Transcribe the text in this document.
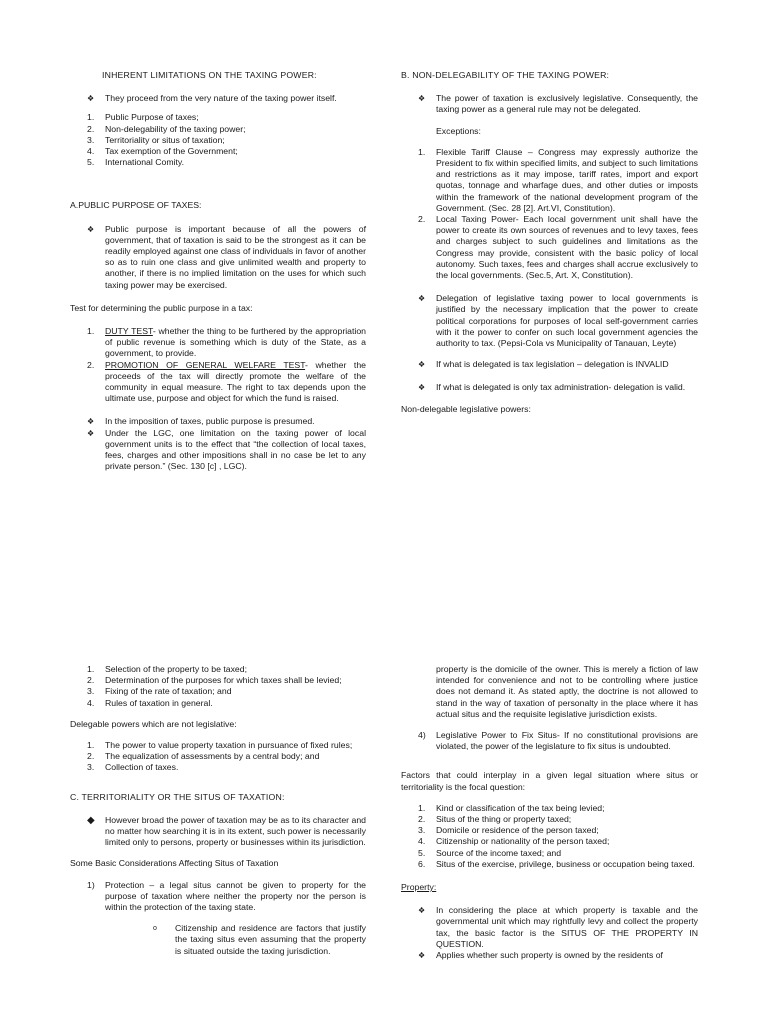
INHERENT LIMITATIONS ON THE TAXING POWER:
❖ They proceed from the very nature of the taxing power itself.
1.	Public Purpose of taxes;
2.	Non-delegability of the taxing power;
3.	Territoriality or situs of taxation;
4.	Tax exemption of the Government;
5.	International Comity.
A.PUBLIC PURPOSE OF TAXES:
❖ Public purpose is important because of all the powers of government, that of taxation is said to be the strongest as it can be readily employed against one class of individuals in favor of another so as to ruin one class and give unlimited wealth and property to another, if there is no implied limitation on the uses for which such taxing power may be exercised.
Test for determining the public purpose in a tax:
1.	DUTY TEST- whether the thing to be furthered by the appropriation of public revenue is something which is duty of the State, as a government, to provide.
2.	PROMOTION OF GENERAL WELFARE TEST- whether the proceeds of the tax will directly promote the welfare of the community in equal measure. The right to tax depends upon the ultimate use, purpose and object for which the fund is raised.
❖ In the imposition of taxes, public purpose is presumed.
❖ Under the LGC, one limitation on the taxing power of local government units is to the effect that “the collection of local taxes, fees, charges and other impositions shall in no case be let to any private person.” (Sec. 130 [c] , LGC).
B. NON-DELEGABILITY OF THE TAXING POWER:
❖ The power of taxation is exclusively legislative. Consequently, the taxing power as a general rule may not be delegated.
Exceptions:
1.	Flexible Tariff Clause – Congress may expressly authorize the President to fix within specified limits, and subject to such limitations and restrictions as it may impose, tariff rates, import and export quotas, tonnage and wharfage dues, and other duties or imposts within the framework of the national development program of the Government. (Sec. 28 [2]. Art.VI, Constitution).
2.	Local Taxing Power- Each local government unit shall have the power to create its own sources of revenues and to levy taxes, fees and charges subject to such guidelines and limitations as the Congress may provide, consistent with the basic policy of local autonomy. Such taxes, fees and charges shall accrue exclusively to the local governments. (Sec.5, Art. X, Constitution).
❖ Delegation of legislative taxing power to local governments is justified by the necessary implication that the power to create political corporations for purposes of local self-government carries with it the power to confer on such local government agencies the authority to tax. (Pepsi-Cola vs Municipality of Tanauan, Leyte)
❖ If what is delegated is tax legislation – delegation is INVALID
❖ If what is delegated is only tax administration- delegation is valid.
Non-delegable legislative powers:
1.	Selection of the property to be taxed;
2.	Determination of the purposes for which taxes shall be levied;
3.	Fixing of the rate of taxation; and
4.	Rules of taxation in general.
Delegable powers which are not legislative:
1.	The power to value property taxation in pursuance of fixed rules;
2.	The equalization of assessments by a central body; and
3.	Collection of taxes.
C. TERRITORIALITY OR THE SITUS OF TAXATION:
◆ However broad the power of taxation may be as to its character and no matter how searching it is in its extent, such power is necessarily limited only to persons, property or businesses within its jurisdiction.
Some Basic Considerations Affecting Situs of Taxation
1)	Protection – a legal situs cannot be given to property for the purpose of taxation where neither the property nor the person is within the protection of the taxing state.
o	Citizenship and residence are factors that justify the taxing situs even assuming that the property is situated outside the taxing jurisdiction.
property is the domicile of the owner. This is merely a fiction of law intended for convenience and not to be controlling where justice does not demand it. As stated aptly, the doctrine is not allowed to stand in the way of taxation of personalty in the place where it has actual situs and the requisite legislative jurisdiction exists.
4)	Legislative Power to Fix Situs- If no constitutional provisions are violated, the power of the legislature to fix situs is undoubted.
Factors that could interplay in a given legal situation where situs or territoriality is the focal question:
1.	Kind or classification of the tax being levied;
2.	Situs of the thing or property taxed;
3.	Domicile or residence of the person taxed;
4.	Citizenship or nationality of the person taxed;
5.	Source of the income taxed; and
6.	Situs of the exercise, privilege, business or occupation being taxed.
Property:
❖ In considering the place at which property is taxable and the governmental unit which may rightfully levy and collect the property tax, the basic factor is the SITUS OF THE PROPERTY IN QUESTION.
❖ Applies whether such property is owned by the residents of
